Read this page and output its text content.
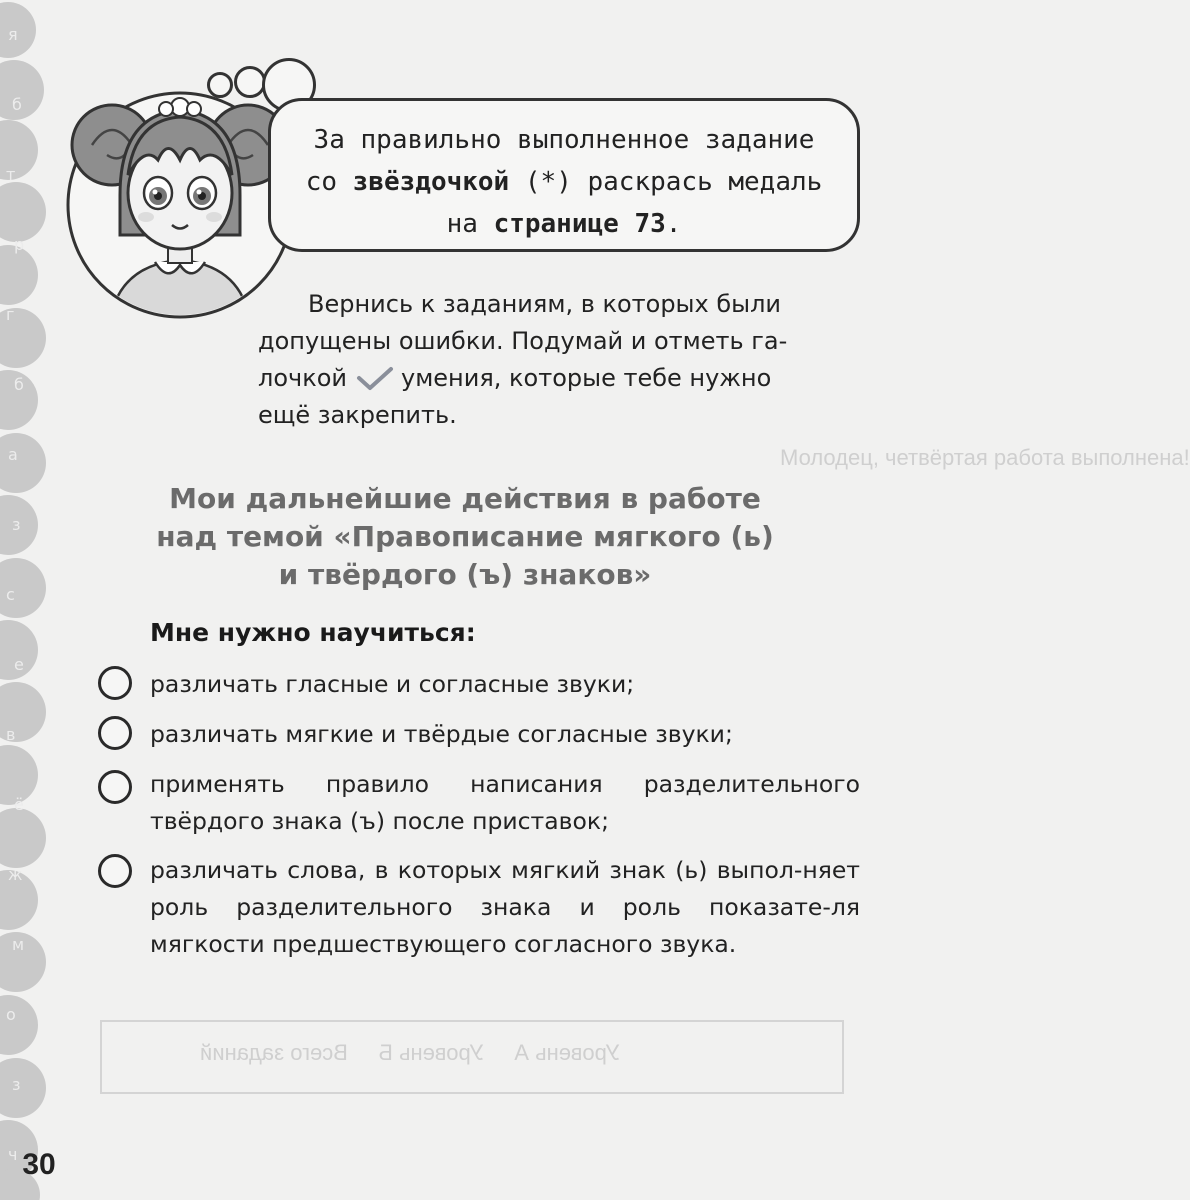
я
б
т
р
г
б
а
з
с
е
в
ё
ж
м
о
з
ч
Молодец, четвёртая работа выполнена!
Уровень А     Уровень Б     Всего заданий
За правильно выполненное задание
со звёздочкой (*) раскрась медаль
на странице 73.

Вернись к заданиям, в которых были

допущены ошибки. Подумай и отметь га-

лочкой умения, которые тебе нужно

ещё закрепить.

Мои дальнейшие действия в работе
над темой «Правописание мягкого (ь)
и твёрдого (ъ) знаков»
Мне нужно научиться:
различать гласные и согласные звуки;
различать мягкие и твёрдые согласные звуки;
применять правило написания разделительного твёрдого знака (ъ) после приставок;
различать слова, в которых мягкий знак (ь) выпол-няет роль разделительного знака и роль показате-ля мягкости предшествующего согласного звука.
30
